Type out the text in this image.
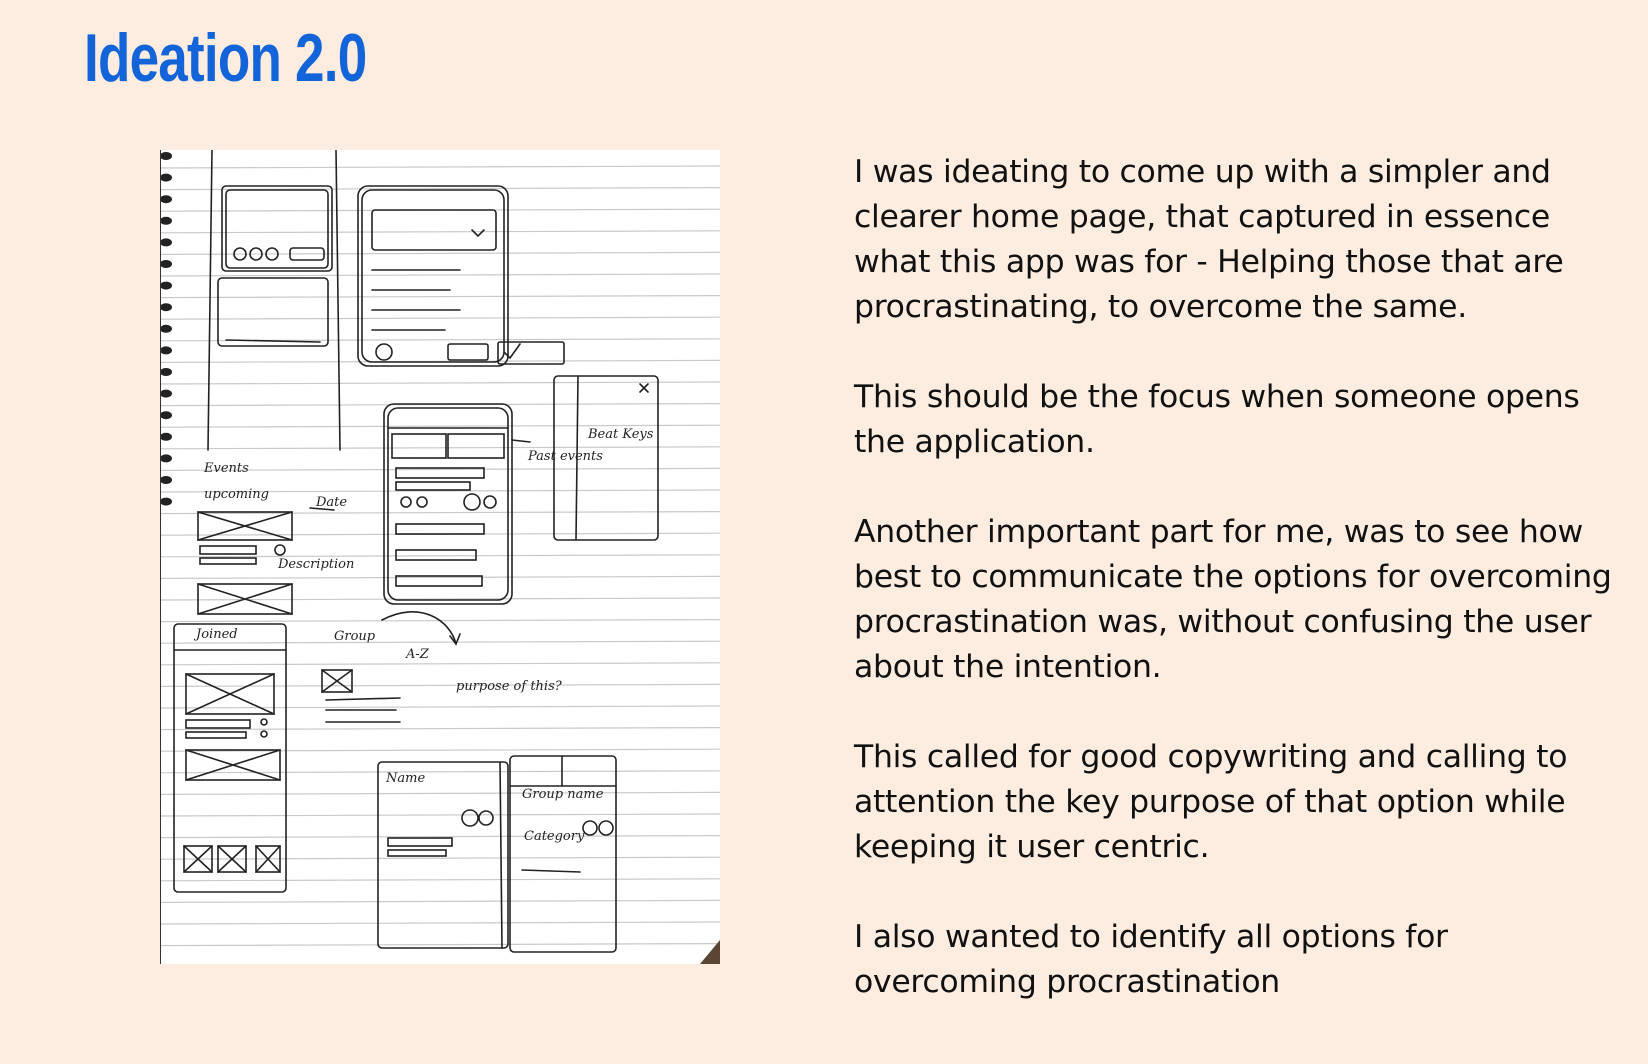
Ideation 2.0
Events
upcoming
Date
Description
Group
A-Z
purpose of this?
Name
Group name
Category
Joined
Past events
Beat Keys

I was ideating to come up with a simpler and clearer home page, that captured in essence what this app was for - Helping those that are procrastinating, to overcome the same.

This should be the focus when someone opens the application.

Another important part for me, was to see how best to communicate the options for overcoming procrastination was, without confusing the user about the intention.

This called for good copywriting and calling to attention the key purpose of that option while keeping it user centric.

I also wanted to identify all options for overcoming procrastination
